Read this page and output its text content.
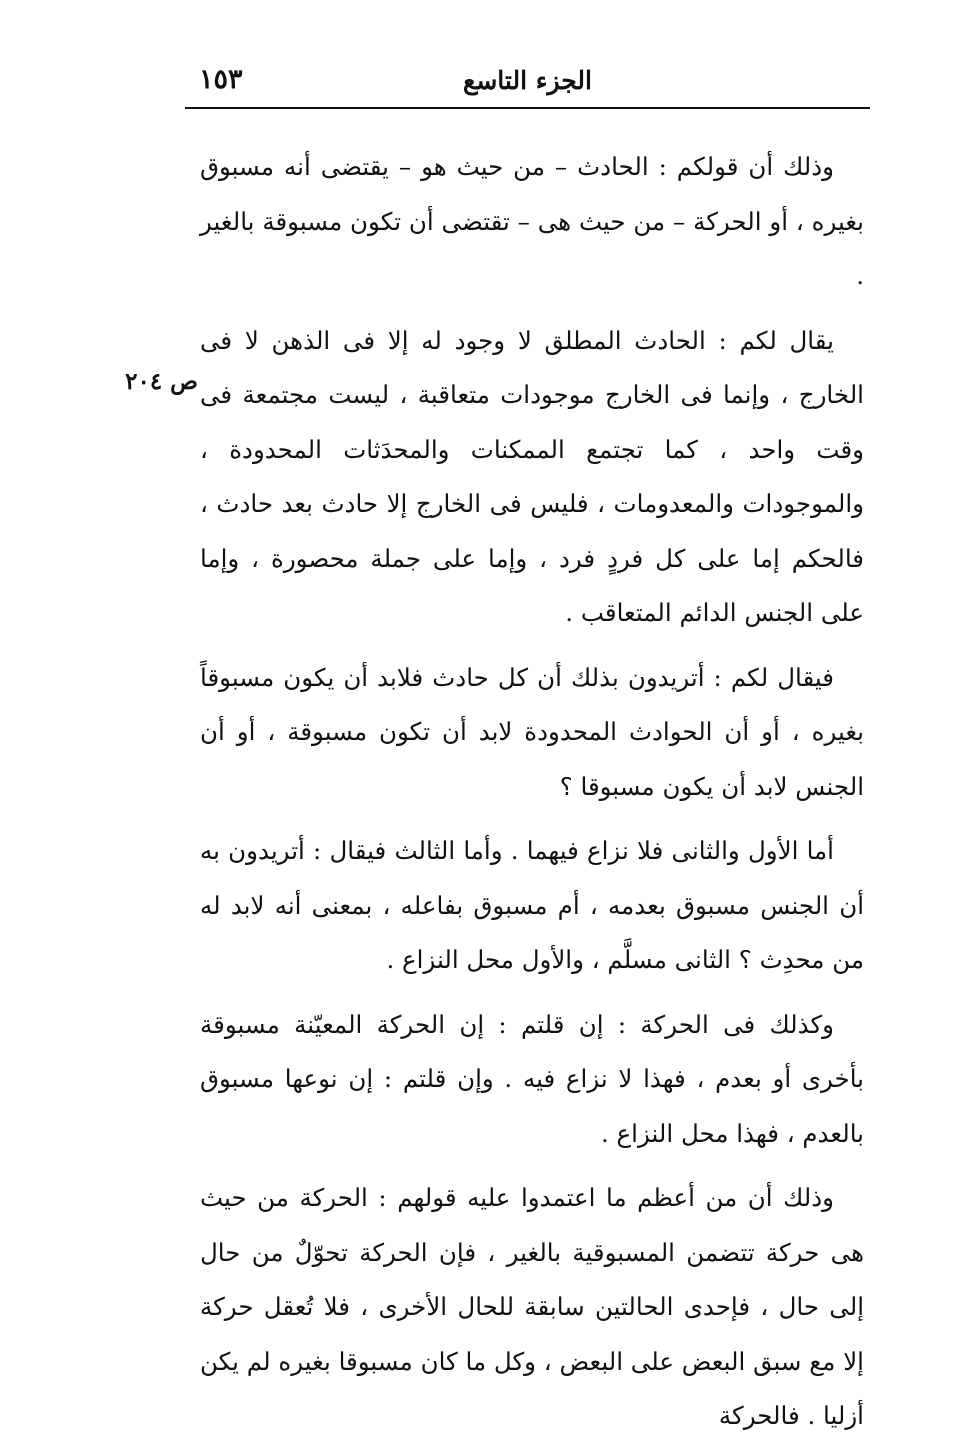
١٥٣	الجزء التاسع
ص ٢٠٤

وذلك أن قولكم : الحادث – من حيث هو – يقتضى أنه مسبوق بغيره ، أو الحركة – من حيث هى – تقتضى أن تكون مسبوقة بالغير .

يقال لكم : الحادث المطلق لا وجود له إلا فى الذهن لا فى الخارج ، وإنما فى الخارج موجودات متعاقبة ، ليست مجتمعة فى وقت واحد ، كما تجتمع الممكنات والمحدَثات المحدودة ، والموجودات والمعدومات ، فليس فى الخارج إلا حادث بعد حادث ، فالحكم إما على كل فردٍ فرد ، وإما على جملة محصورة ، وإما على الجنس الدائم المتعاقب .

فيقال لكم : أتريدون بذلك أن كل حادث فلابد أن يكون مسبوقاً بغيره ، أو أن الحوادث المحدودة لابد أن تكون مسبوقة ، أو أن الجنس لابد أن يكون مسبوقا ؟

أما الأول والثانى فلا نزاع فيهما . وأما الثالث فيقال : أتريدون به أن الجنس مسبوق بعدمه ، أم مسبوق بفاعله ، بمعنى أنه لابد له من محدِث ؟ الثانى مسلَّم ، والأول محل النزاع .

وكذلك فى الحركة : إن قلتم : إن الحركة المعيّنة مسبوقة بأخرى أو بعدم ، فهذا لا نزاع فيه . وإن قلتم : إن نوعها مسبوق بالعدم ، فهذا محل النزاع .

وذلك أن من أعظم ما اعتمدوا عليه قولهم : الحركة من حيث هى حركة تتضمن المسبوقية بالغير ، فإن الحركة تحوّلٌ من حال إلى حال ، فإحدى الحالتين سابقة للحال الأخرى ، فلا تُعقل حركة إلا مع سبق البعض على البعض ، وكل ما كان مسبوقا بغيره لم يكن أزليا . فالحركة
